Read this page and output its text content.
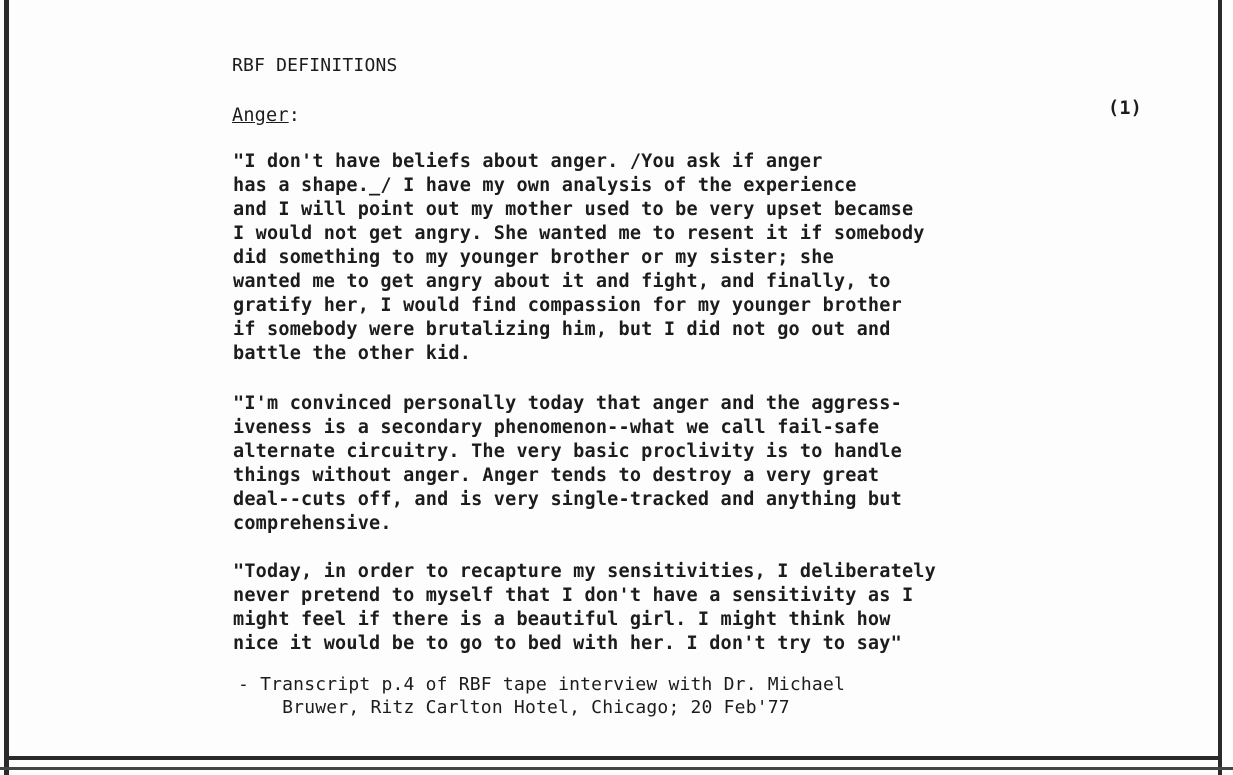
RBF DEFINITIONS
Anger:	(1)
"I don't have beliefs about anger. /You ask if anger
has a shape._/ I have my own analysis of the experience
and I will point out my mother used to be very upset becamse
I would not get angry. She wanted me to resent it if somebody
did something to my younger brother or my sister; she
wanted me to get angry about it and fight, and finally, to
gratify her, I would find compassion for my younger brother
if somebody were brutalizing him, but I did not go out and
battle the other kid.
"I'm convinced personally today that anger and the aggress-
iveness is a secondary phenomenon--what we call fail-safe
alternate circuitry. The very basic proclivity is to handle
things without anger. Anger tends to destroy a very great
deal--cuts off, and is very single-tracked and anything but
comprehensive.
"Today, in order to recapture my sensitivities, I deliberately
never pretend to myself that I don't have a sensitivity as I
might feel if there is a beautiful girl. I might think how
nice it would be to go to bed with her. I don't try to say"
- Transcript p.4 of RBF tape interview with Dr. Michael
Bruwer, Ritz Carlton Hotel, Chicago; 20 Feb'77
